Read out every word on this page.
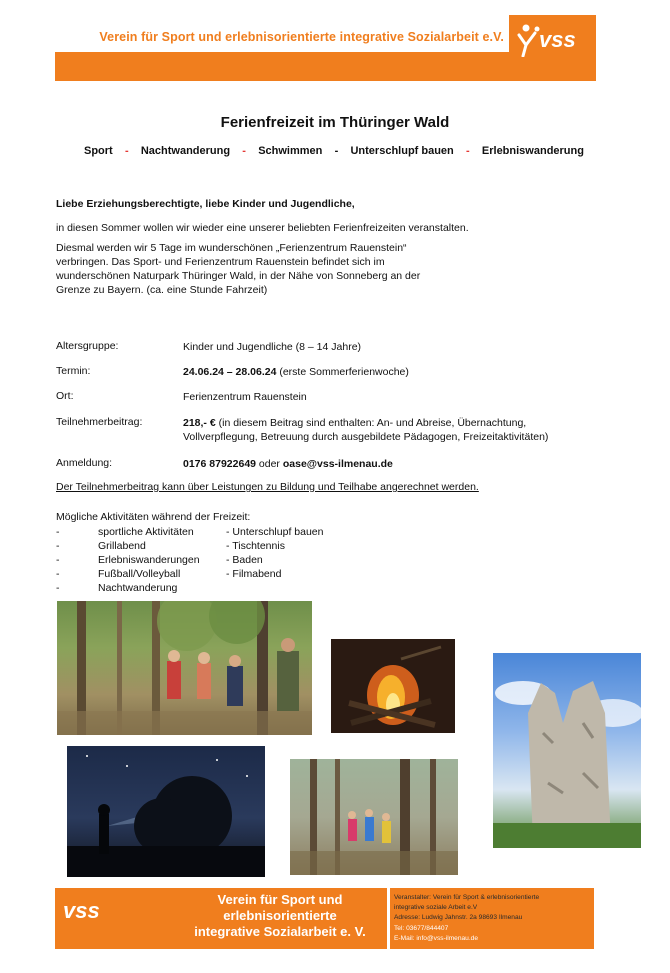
Verein für Sport und erlebnisorientierte integrative Sozialarbeit e.V. vss
Ferienfreizeit im Thüringer Wald
Sport - Nachtwanderung - Schwimmen - Unterschlupf bauen - Erlebniswanderung
Liebe Erziehungsberechtigte, liebe Kinder und Jugendliche,
in diesen Sommer wollen wir wieder eine unserer beliebten Ferienfreizeiten veranstalten.
Diesmal werden wir 5 Tage im wunderschönen „Ferienzentrum Rauenstein“
verbringen. Das Sport- und Ferienzentrum Rauenstein befindet sich im
wunderschönen Naturpark Thüringer Wald, in der Nähe von Sonneberg an der
Grenze zu Bayern. (ca. eine Stunde Fahrzeit)
Altersgruppe:	Kinder und Jugendliche (8 – 14 Jahre)
Termin:	24.06.24 – 28.06.24 (erste Sommerferienwoche)
Ort:	Ferienzentrum Rauenstein
Teilnehmerbeitrag:	218,- € (in diesem Beitrag sind enthalten: An- und Abreise, Übernachtung,
Vollverpflegung, Betreuung durch ausgebildete Pädagogen, Freizeitaktivitäten)
Anmeldung:	0176 87922649 oder oase@vss-ilmenau.de
Der Teilnehmerbeitrag kann über Leistungen zu Bildung und Teilhabe angerechnet werden.
Mögliche Aktivitäten während der Freizeit:
-	sportliche Aktivitäten	- Unterschlupf bauen
-	Grillabend	- Tischtennis
-	Erlebniswanderungen	- Baden
-	Fußball/Volleyball	- Filmabend
-	Nachtwanderung
vss	Verein für Sport und
erlebnisorientierte
integrative Sozialarbeit e. V.
Veranstalter: Verein für Sport & erlebnisorientierte
integrative soziale Arbeit e.V
Adresse: Ludwig Jahnstr. 2a 98693 Ilmenau
Tel: 03677/844407
E-Mail: info@vss-ilmenau.de
